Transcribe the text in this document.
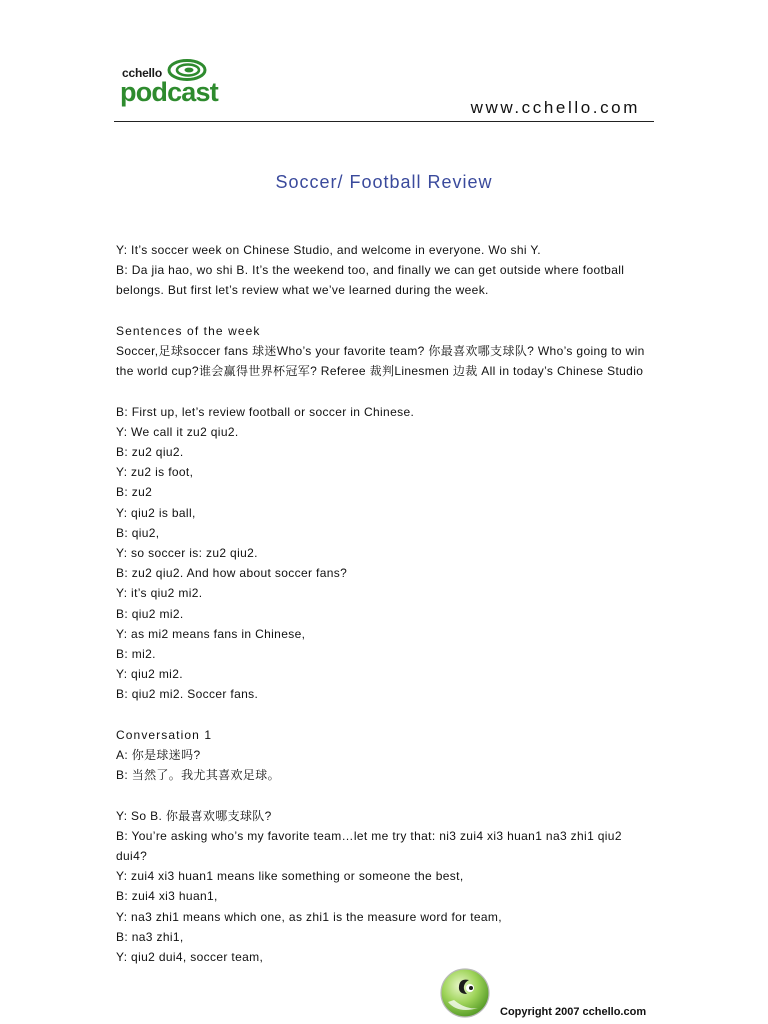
cchello
podcast
www.cchello.com
Soccer/ Football Review

Y: It’s soccer week on Chinese Studio, and welcome in everyone. Wo shi Y.

B: Da jia hao, wo shi B. It’s the weekend too, and finally we can get outside where football

belongs. But first let’s review what we’ve learned during the week.

Sentences of the week

Soccer,足球soccer fans 球迷Who’s your favorite team? 你最喜欢哪支球队? Who’s going to win

the world cup?谁会赢得世界杯冠军? Referee 裁判Linesmen 边裁 All in today’s Chinese Studio

B: First up, let’s review football or soccer in Chinese.

Y: We call it zu2 qiu2.

B: zu2 qiu2.

Y: zu2 is foot,

B: zu2

Y: qiu2 is ball,

B: qiu2,

Y: so soccer is: zu2 qiu2.

B: zu2 qiu2. And how about soccer fans?

Y: it’s qiu2 mi2.

B: qiu2 mi2.

Y: as mi2 means fans in Chinese,

B: mi2.

Y: qiu2 mi2.

B: qiu2 mi2. Soccer fans.

Conversation 1

A: 你是球迷吗?

B: 当然了。我尤其喜欢足球。

Y: So B. 你最喜欢哪支球队?

B: You’re asking who’s my favorite team…let me try that: ni3 zui4 xi3 huan1 na3 zhi1 qiu2

dui4?

Y: zui4 xi3 huan1 means like something or someone the best,

B: zui4 xi3 huan1,

Y: na3 zhi1 means which one, as zhi1 is the measure word for team,

B: na3 zhi1,

Y: qiu2 dui4, soccer team,

Copyright 2007 cchello.com
